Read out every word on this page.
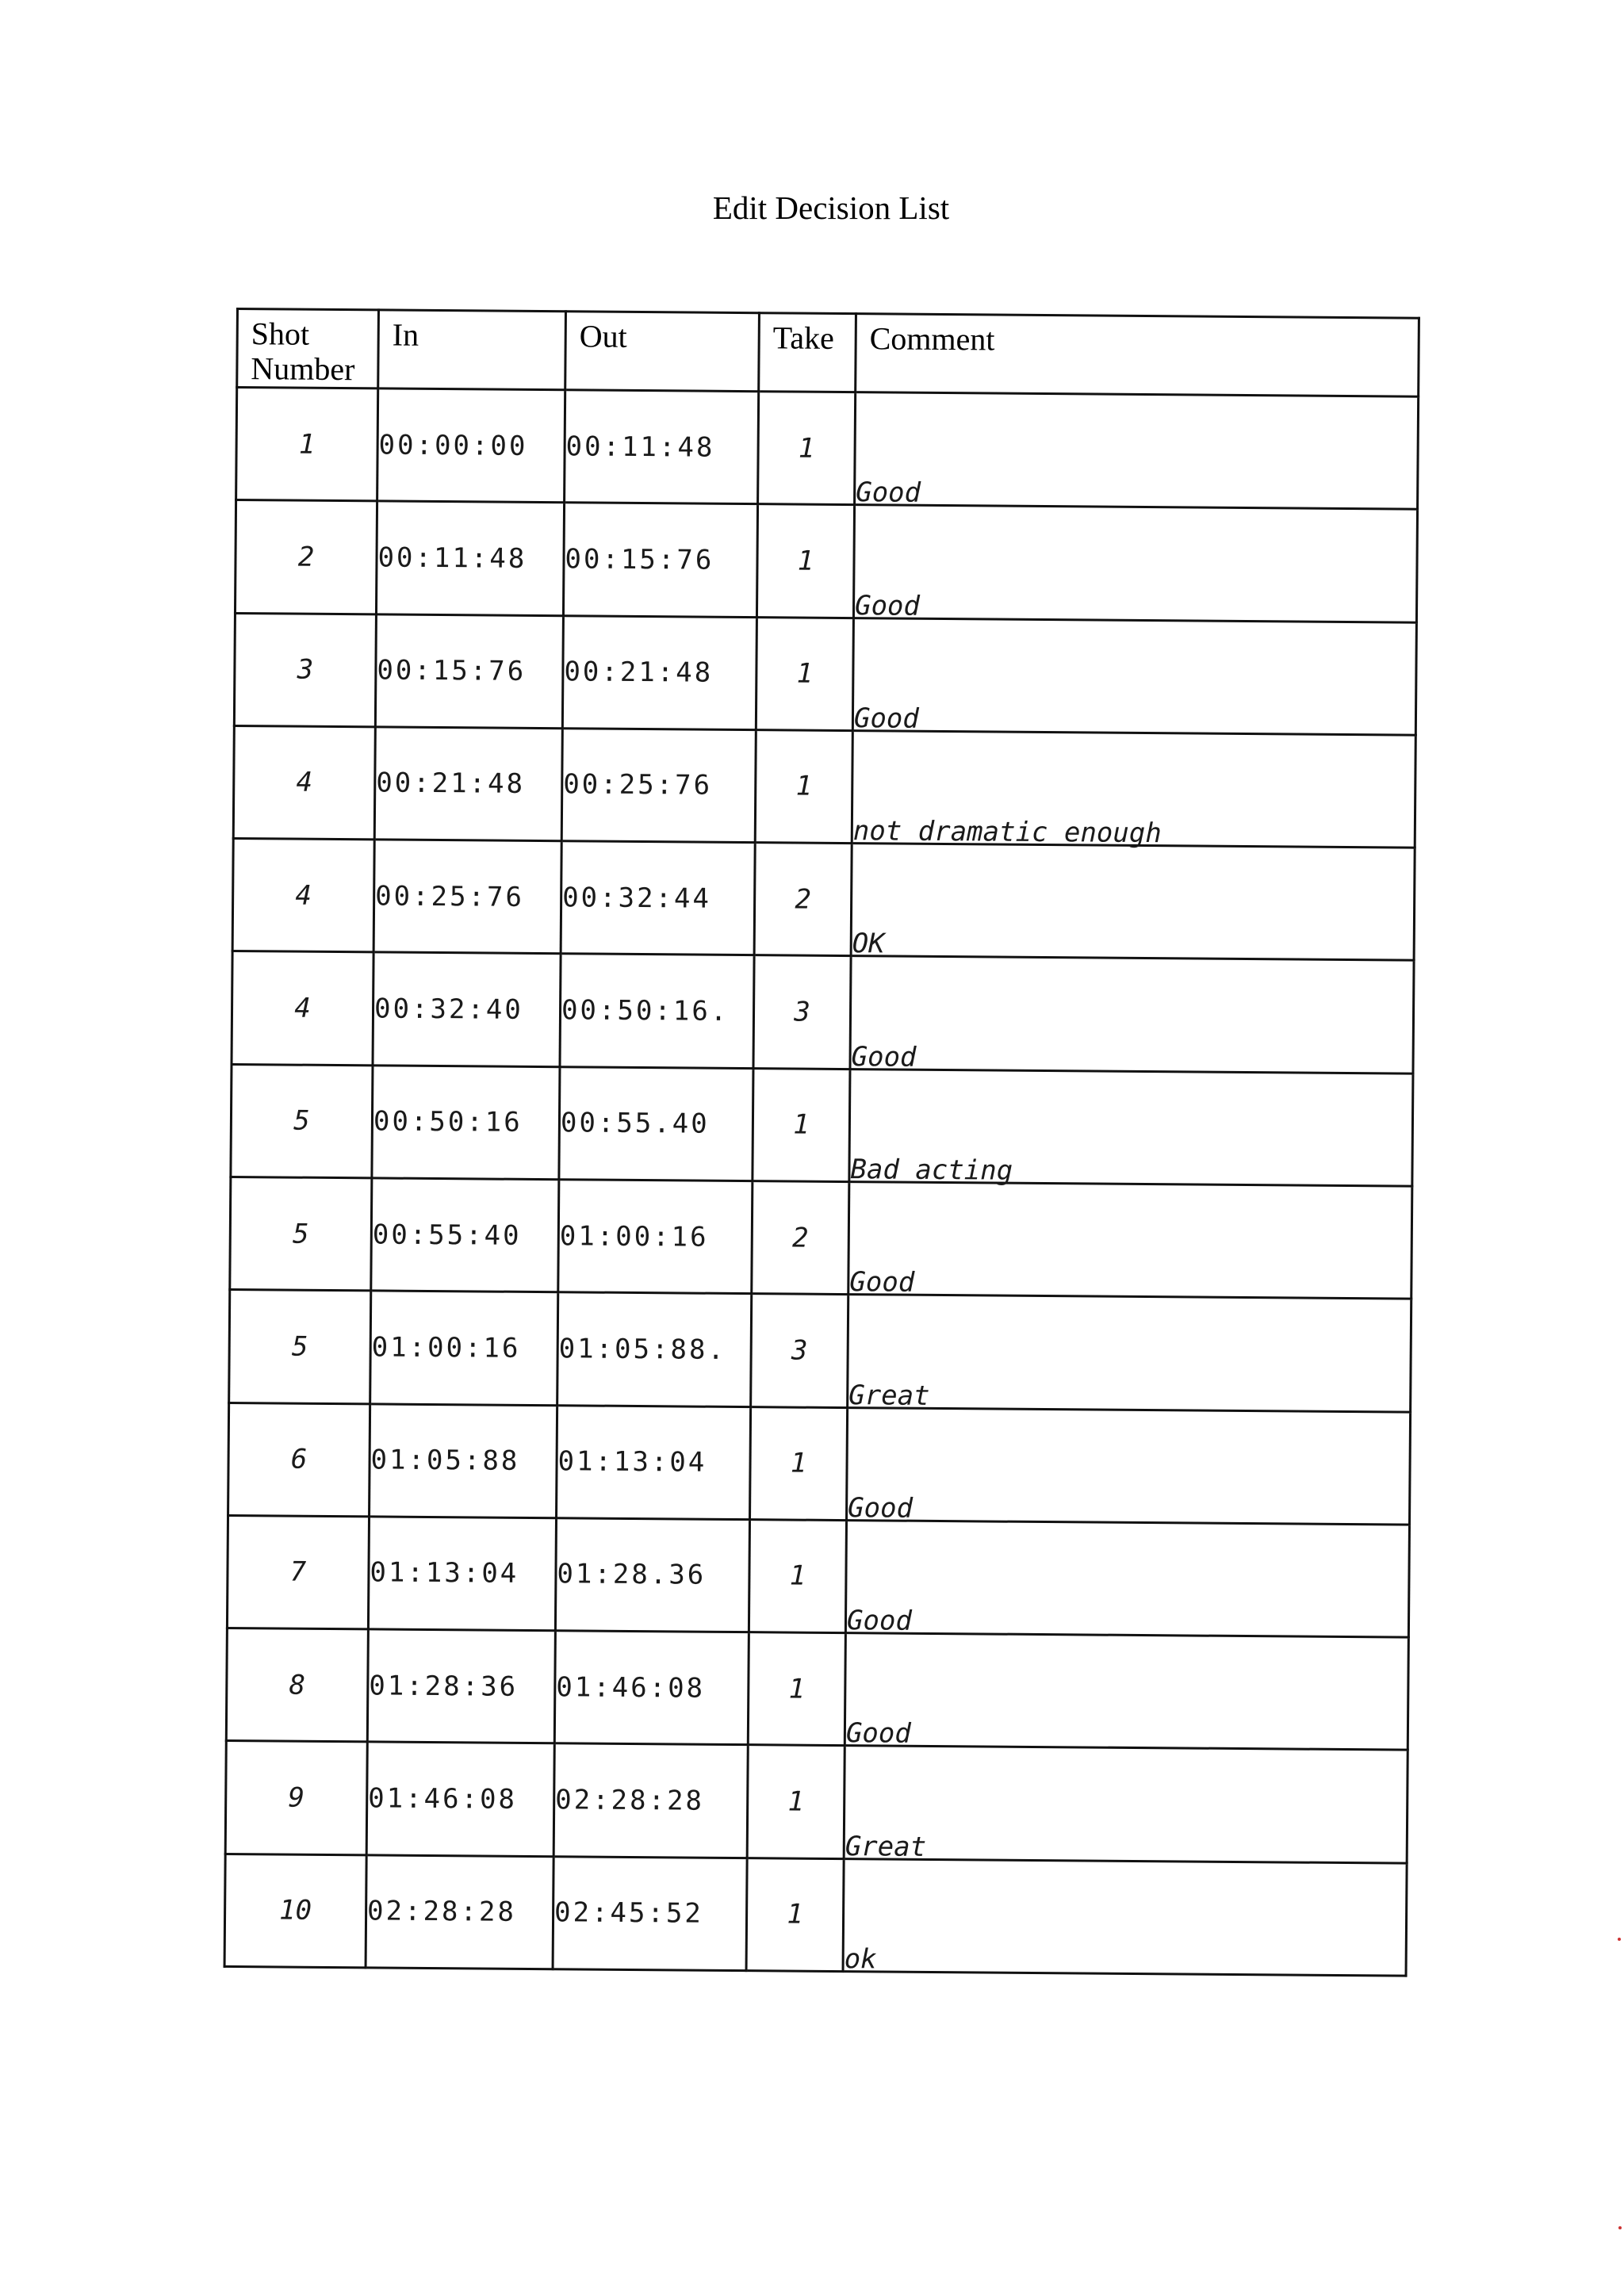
Edit Decision List
Shot Number	In	Out	Take	Comment
1	00:00:00	00:11:48	1	Good
2	00:11:48	00:15:76	1	Good
3	00:15:76	00:21:48	1	Good
4	00:21:48	00:25:76	1	not dramatic enough
4	00:25:76	00:32:44	2	OK
4	00:32:40	00:50:16.	3	Good
5	00:50:16	00:55.40	1	Bad acting
5	00:55:40	01:00:16	2	Good
5	01:00:16	01:05:88.	3	Great
6	01:05:88	01:13:04	1	Good
7	01:13:04	01:28.36	1	Good
8	01:28:36	01:46:08	1	Good
9	01:46:08	02:28:28	1	Great
10	02:28:28	02:45:52	1	ok
